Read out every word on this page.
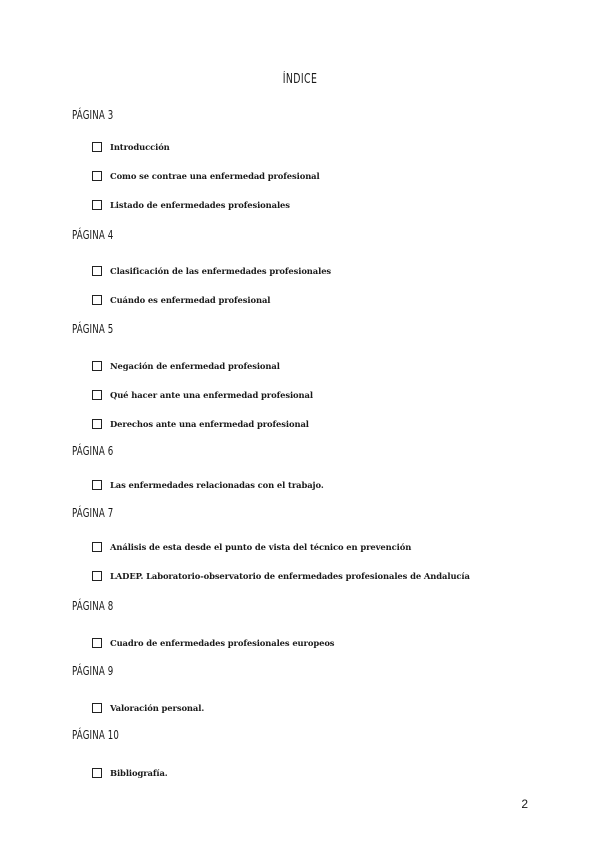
ÍNDICE
PÁGINA 3
Introducción
Como se contrae una enfermedad profesional
Listado de enfermedades profesionales
PÁGINA 4
Clasificación de las enfermedades profesionales
Cuándo es enfermedad profesional
PÁGINA 5
Negación de enfermedad profesional
Qué hacer ante una enfermedad profesional
Derechos ante una enfermedad profesional
PÁGINA 6
Las enfermedades relacionadas con el trabajo.
PÁGINA 7
Análisis de esta desde el punto de vista del técnico en prevención
LADEP. Laboratorio-observatorio de enfermedades profesionales de Andalucía
PÁGINA 8
Cuadro de enfermedades profesionales europeos
PÁGINA 9
Valoración personal.
PÁGINA 10
Bibliografía.
2
